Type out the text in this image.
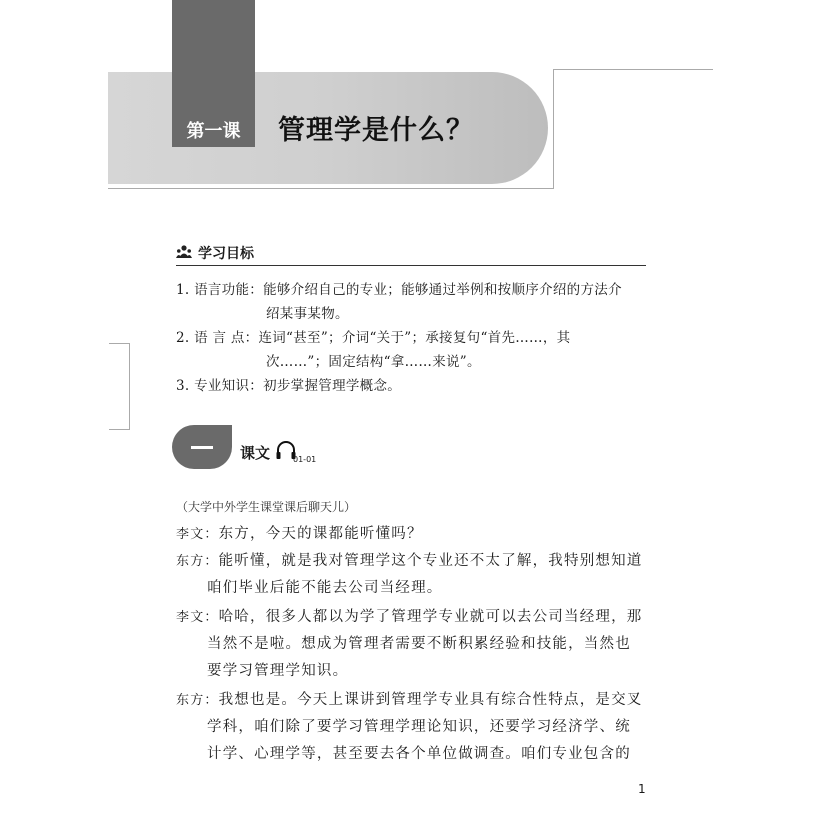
第一课	管理学是什么？
学习目标
1. 语言功能：能够介绍自己的专业；能够通过举例和按顺序介绍的方法介
绍某事某物。
2. 语 言 点：连词“甚至”；介词“关于”；承接复句“首先……，其
次……”；固定结构“拿……来说”。
3. 专业知识：初步掌握管理学概念。
课文	01-01
（大学中外学生课堂课后聊天儿）
李文：东方，今天的课都能听懂吗？
东方：能听懂，就是我对管理学这个专业还不太了解，我特别想知道
咱们毕业后能不能去公司当经理。
李文：哈哈，很多人都以为学了管理学专业就可以去公司当经理，那
当然不是啦。想成为管理者需要不断积累经验和技能，当然也
要学习管理学知识。
东方：我想也是。今天上课讲到管理学专业具有综合性特点，是交叉
学科，咱们除了要学习管理学理论知识，还要学习经济学、统
计学、心理学等，甚至要去各个单位做调查。咱们专业包含的
1
